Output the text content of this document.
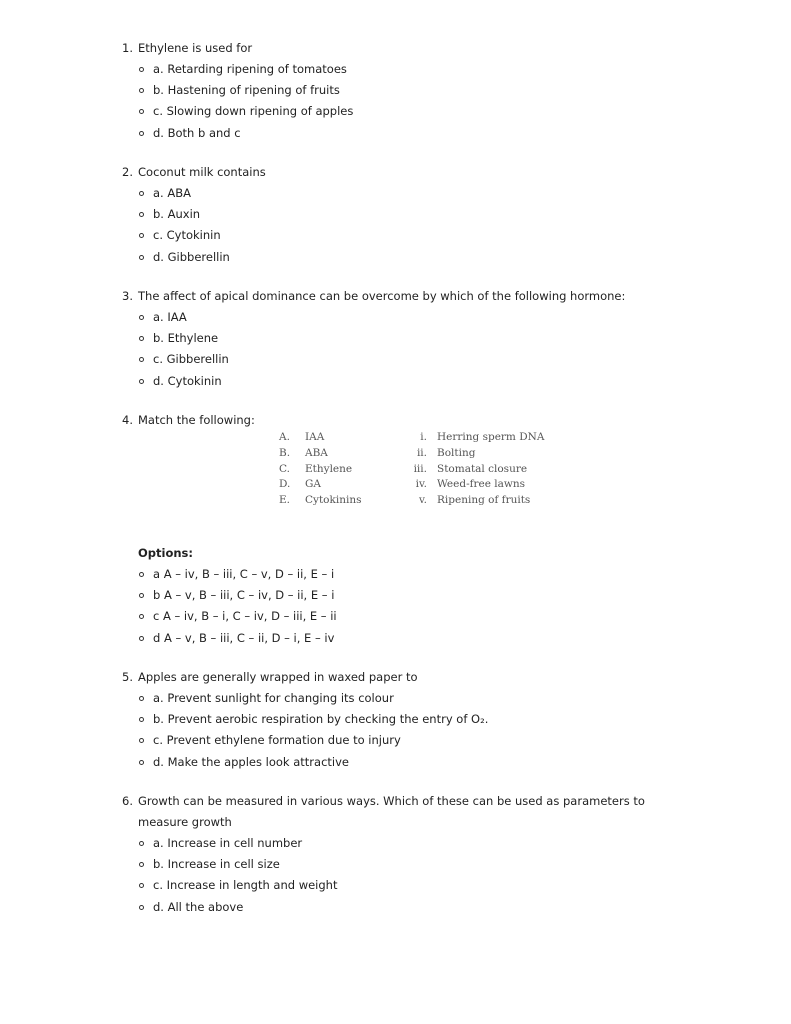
1. Ethylene is used for
a. Retarding ripening of tomatoes
b. Hastening of ripening of fruits
c. Slowing down ripening of apples
d. Both b and c
2. Coconut milk contains
a. ABA
b. Auxin
c. Cytokinin
d. Gibberellin
3. The affect of apical dominance can be overcome by which of the following hormone:
a. IAA
b. Ethylene
c. Gibberellin
d. Cytokinin
4. Match the following:
A.	IAA	i.	Herring sperm DNA
B.	ABA	ii.	Bolting
C.	Ethylene	iii.	Stomatal closure
D.	GA	iv.	Weed-free lawns
E.	Cytokinins	v.	Ripening of fruits
Options:
a A – iv, B – iii, C – v, D – ii, E – i
b A – v, B – iii, C – iv, D – ii, E – i
c A – iv, B – i, C – iv, D – iii, E – ii
d A – v, B – iii, C – ii, D – i, E – iv
5. Apples are generally wrapped in waxed paper to
a. Prevent sunlight for changing its colour
b. Prevent aerobic respiration by checking the entry of O₂.
c. Prevent ethylene formation due to injury
d. Make the apples look attractive
6. Growth can be measured in various ways. Which of these can be used as parameters to
measure growth
a. Increase in cell number
b. Increase in cell size
c. Increase in length and weight
d. All the above
